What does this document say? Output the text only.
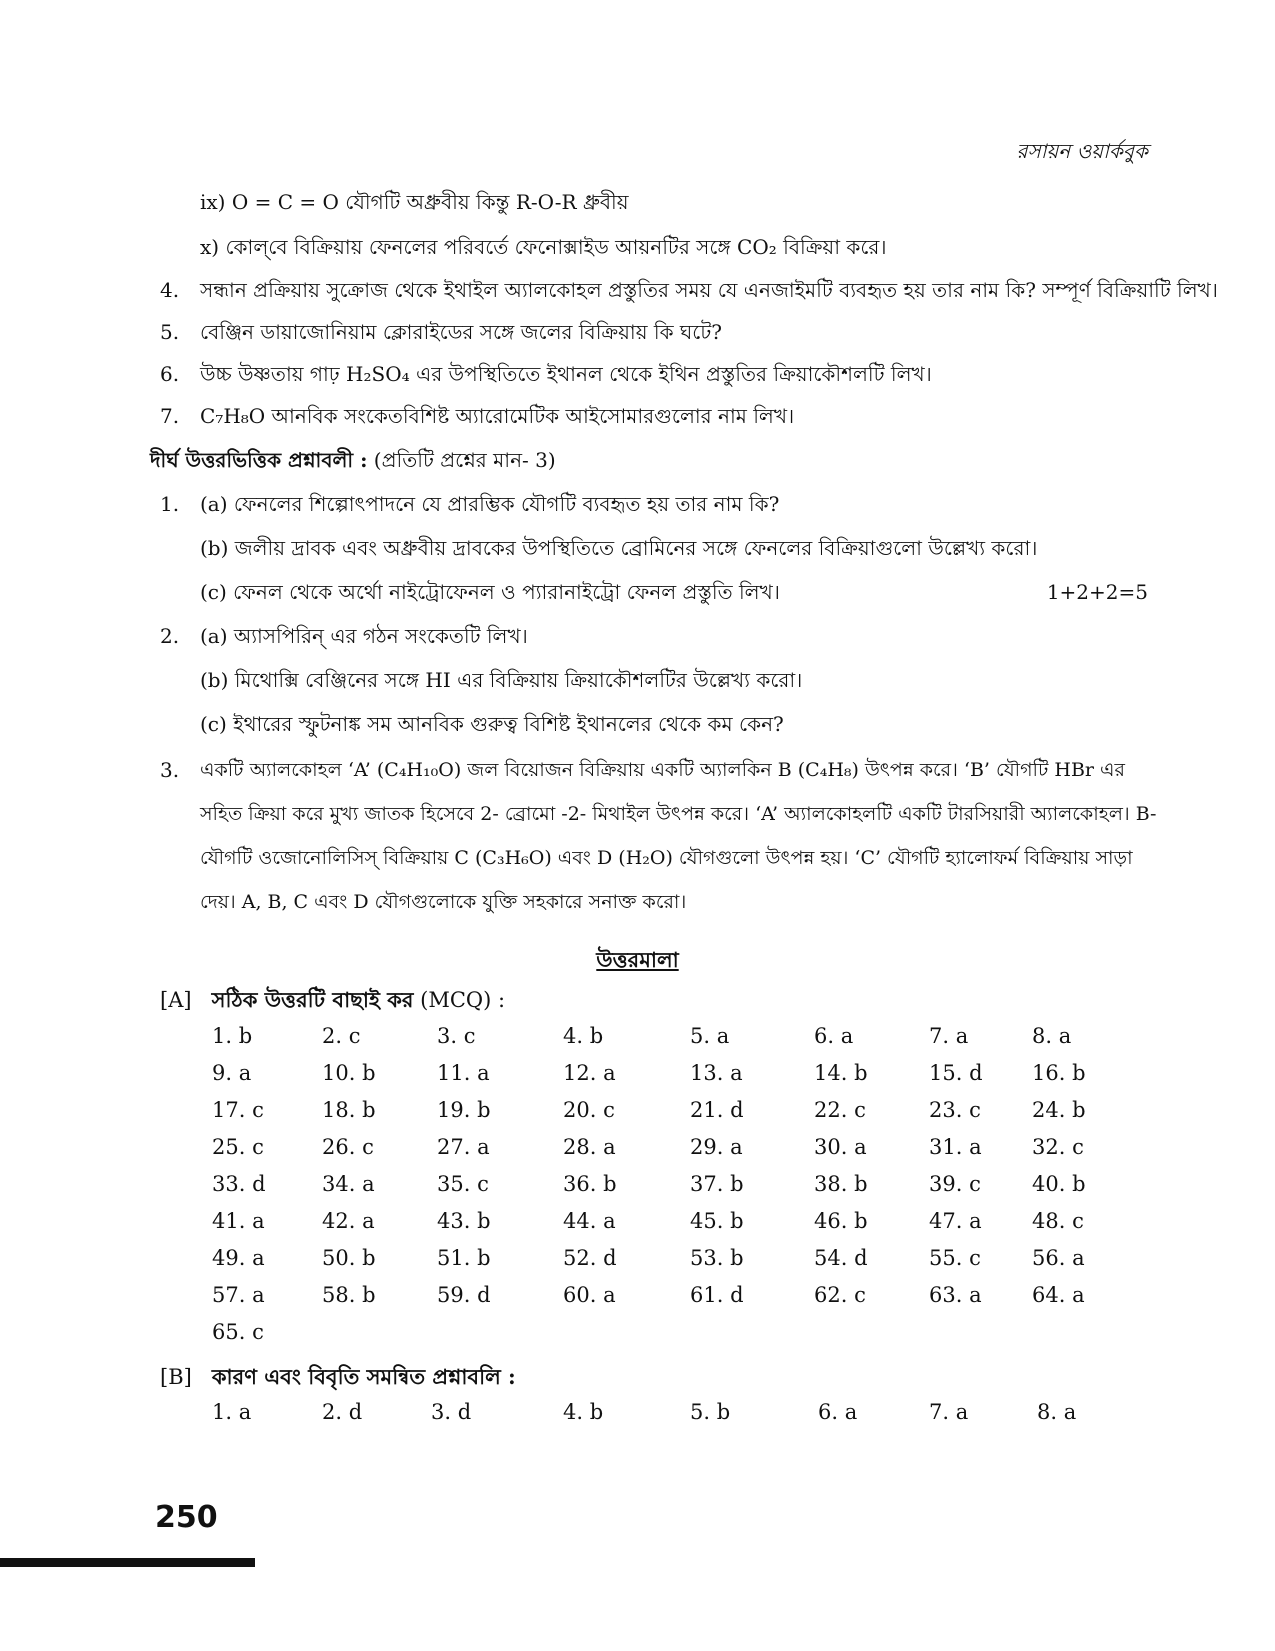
রসায়ন ওয়ার্কবুক
ix) O = C = O যৌগটি অধ্রুবীয় কিন্তু R-O-R ধ্রুবীয়
x) কোল্‌বে বিক্রিয়ায় ফেনলের পরিবর্তে ফেনোক্সাইড আয়নটির সঙ্গে CO₂ বিক্রিয়া করে।
4. সন্ধান প্রক্রিয়ায় সুক্রোজ থেকে ইথাইল অ্যালকোহল প্রস্তুতির সময় যে এনজাইমটি ব্যবহৃত হয় তার নাম কি? সম্পূর্ণ বিক্রিয়াটি লিখ।
5. বেঞ্জিন ডায়াজোনিয়াম ক্লোরাইডের সঙ্গে জলের বিক্রিয়ায় কি ঘটে?
6. উচ্চ উষ্ণতায় গাঢ় H₂SO₄ এর উপস্থিতিতে ইথানল থেকে ইথিন প্রস্তুতির ক্রিয়াকৌশলটি লিখ।
7. C₇H₈O আনবিক সংকেতবিশিষ্ট অ্যারোমেটিক আইসোমারগুলোর নাম লিখ।
দীর্ঘ উত্তরভিত্তিক প্রশ্নাবলী : (প্রতিটি প্রশ্নের মান- 3)
1. (a) ফেনলের শিল্পোৎপাদনে যে প্রারম্ভিক যৌগটি ব্যবহৃত হয় তার নাম কি?
(b) জলীয় দ্রাবক এবং অধ্রুবীয় দ্রাবকের উপস্থিতিতে ব্রোমিনের সঙ্গে ফেনলের বিক্রিয়াগুলো উল্লেখ্য করো।
(c) ফেনল থেকে অর্থো নাইট্রোফেনল ও প্যারানাইট্রো ফেনল প্রস্তুতি লিখ।	1+2+2=5
2. (a) অ্যাসপিরিন্‌ এর গঠন সংকেতটি লিখ।
(b) মিথোক্সি বেঞ্জিনের সঙ্গে HI এর বিক্রিয়ায় ক্রিয়াকৌশলটির উল্লেখ্য করো।
(c) ইথারের স্ফুটনাঙ্ক সম আনবিক গুরুত্ব বিশিষ্ট ইথানলের থেকে কম কেন?
3. একটি অ্যালকোহল ‘A’ (C₄H₁₀O) জল বিয়োজন বিক্রিয়ায় একটি অ্যালকিন B (C₄H₈) উৎপন্ন করে। ‘B’ যৌগটি HBr এর
সহিত ক্রিয়া করে মুখ্য জাতক হিসেবে 2- ব্রোমো -2- মিথাইল উৎপন্ন করে। ‘A’ অ্যালকোহলটি একটি টারসিয়ারী অ্যালকোহল। B-
যৌগটি ওজোনোলিসিস্‌ বিক্রিয়ায় C (C₃H₆O) এবং D (H₂O) যৌগগুলো উৎপন্ন হয়। ‘C’ যৌগটি হ্যালোফর্ম বিক্রিয়ায় সাড়া
দেয়। A, B, C এবং D যৌগগুলোকে যুক্তি সহকারে সনাক্ত করো।
উত্তরমালা
[A] সঠিক উত্তরটি বাছাই কর (MCQ) :
1. b	2. c	3. c	4. b	5. a	6. a	7. a	8. a
9. a	10. b	11. a	12. a	13. a	14. b	15. d 16. b
17. c	18. b	19. b	20. c	21. d	22. c	23. c 24. b
25. c	26. c	27. a	28. a	29. a	30. a	31. a 32. c
33. d	34. a	35. c	36. b	37. b	38. b	39. c 40. b
41. a	42. a	43. b	44. a	45. b	46. b	47. a 48. c
49. a	50. b	51. b	52. d	53. b	54. d	55. c 56. a
57. a	58. b	59. d	60. a	61. d	62. c	63. a 64. a
65. c
[B] কারণ এবং বিবৃতি সমন্বিত প্রশ্নাবলি :
1. a	2. d	3. d	4. b	5. b	6. a	7. a	8. a
250
